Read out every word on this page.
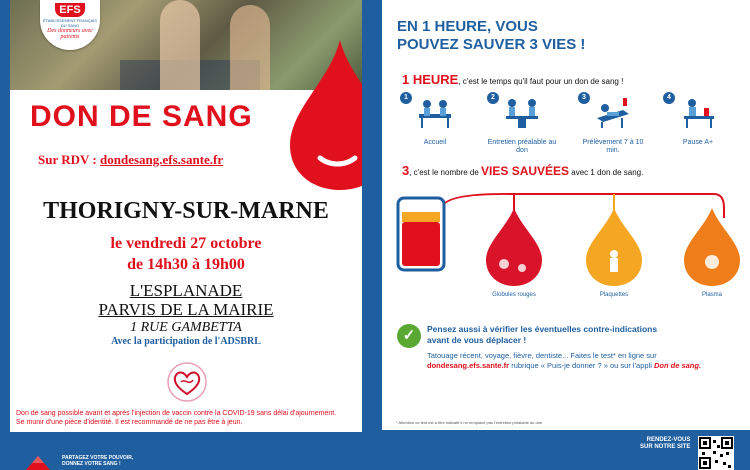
EFS
ÉTABLISSEMENT FRANÇAIS DU SANG
Des donneurs avec patients
DON DE SANG
Sur RDV : dondesang.efs.sante.fr
THORIGNY-SUR-MARNE
le vendredi 27 octobre
de 14h30 à 19h00
L'ESPLANADE
PARVIS DE LA MAIRIE
1 RUE GAMBETTA
Avec la participation de l'ADSBRL
Don de sang possible avant et après l'injection de vaccin contre la COVID-19 sans délai d'ajournement.
Se munir d'une pièce d'identité. Il est recommandé de ne pas être à jeun.
EN 1 HEURE, VOUS
POUVEZ SAUVER 3 VIES !
1 HEURE, c'est le temps qu'il faut pour un don de sang !
1
Accueil
2
Entretien préalable au don
3
Prélèvement 7 à 10 min.
4
Pause A+
3, c'est le nombre de VIES SAUVÉES avec 1 don de sang.
Globules rouges	Plaquettes	Plasma
✓	Pensez aussi à vérifier les éventuelles contre-indications
avant de vous déplacer !
Tatouage récent, voyage, fièvre, dentiste... Faites le test* en ligne sur
dondesang.efs.sante.fr rubrique « Puis-je donner ? » ou sur l'appli Don de sang.
* Attention ce test est à titre indicatif il ne remplace pas l'entretien préalable au don
PARTAGEZ VOTRE POUVOIR,
DONNEZ VOTRE SANG !
RENDEZ-VOUS
SUR NOTRE SITE
